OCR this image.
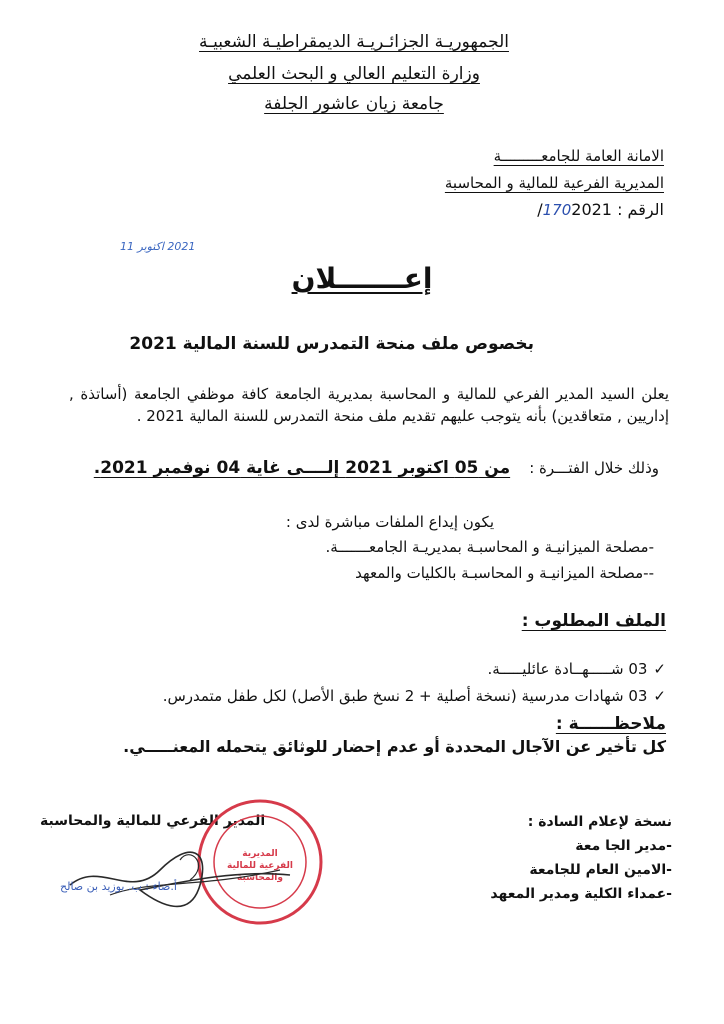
الجمهوريـة الجزائـريـة الديمقراطيـة الشعبيـة
وزارة التعليم العالي و البحث العلمي
جامعة زيان عاشور الجلفة
الامانة العامة للجامعـــــــــة
المديرية الفرعية للمالية و المحاسبة
الرقم : 1702021/
2021 اكتوبر 11
إعـــــــلان
بخصوص ملف منحة التمدرس للسنة المالية 2021
يعلن السيد المدير الفرعي للمالية و المحاسبة بمديرية الجامعة كافة موظفي الجامعة (أساتذة , إداريين , متعاقدين) بأنه يتوجب عليهم تقديم ملف منحة التمدرس للسنة المالية 2021 .
وذلك خلال الفتـــرة :    من 05 اكتوبر 2021 إلــــى غاية 04 نوفمبر 2021.
يكون إيداع الملفات مباشرة لدى :
-مصلحة الميزانيـة و المحاسبـة بمديريـة الجامعـــــــة.
--مصلحة الميزانيـة و المحاسبـة بالكليات والمعهد
الملف المطلوب :
✓03 شـــــهــادة عائليـــــة.
✓03 شهادات مدرسية (نسخة أصلية + 2 نسخ طبق الأصل) لكل طفل متمدرس.
ملاحظــــــة :
كل تأخير عن الآجال المحددة أو عدم إحضار للوثائق يتحمله المعنـــــي.
نسخة لإعلام السادة :
-مدير الجا معة
-الامين العام للجامعة
-عمداء الكلية ومدير المعهد
المدير الفرعي للمالية والمحاسبة
المديرية
الفرعية للمالية
والمحاسبة
أ.ضاء : ب. بوزيد بن صالح
